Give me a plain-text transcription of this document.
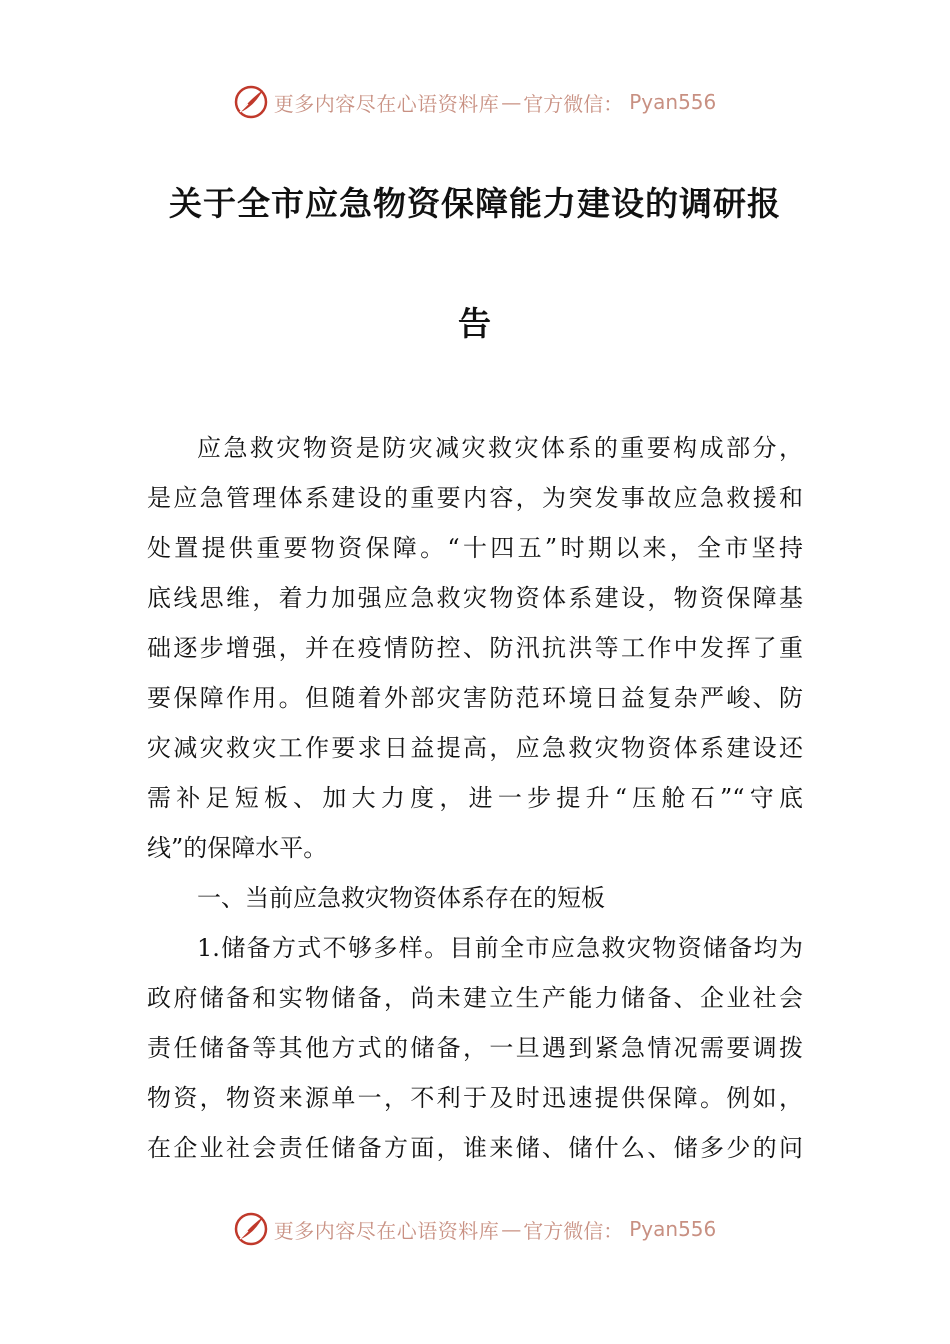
更多内容尽在心语资料库 — 官方微信： Pyan556
关于全市应急物资保障能力建设的调研报
告
应急救灾物资是防灾减灾救灾体系的重要构成部分，
是应急管理体系建设的重要内容，为突发事故应急救援和
处置提供重要物资保障。“十四五”时期以来，全市坚持
底线思维，着力加强应急救灾物资体系建设，物资保障基
础逐步增强，并在疫情防控、防汛抗洪等工作中发挥了重
要保障作用。但随着外部灾害防范环境日益复杂严峻、防
灾减灾救灾工作要求日益提高，应急救灾物资体系建设还
需补足短板、加大力度，进一步提升“压舱石”“守底
线”的保障水平。
一、当前应急救灾物资体系存在的短板
1.储备方式不够多样。目前全市应急救灾物资储备均为
政府储备和实物储备，尚未建立生产能力储备、企业社会
责任储备等其他方式的储备，一旦遇到紧急情况需要调拨
物资，物资来源单一，不利于及时迅速提供保障。例如，
在企业社会责任储备方面，谁来储、储什么、储多少的问
更多内容尽在心语资料库 — 官方微信： Pyan556
